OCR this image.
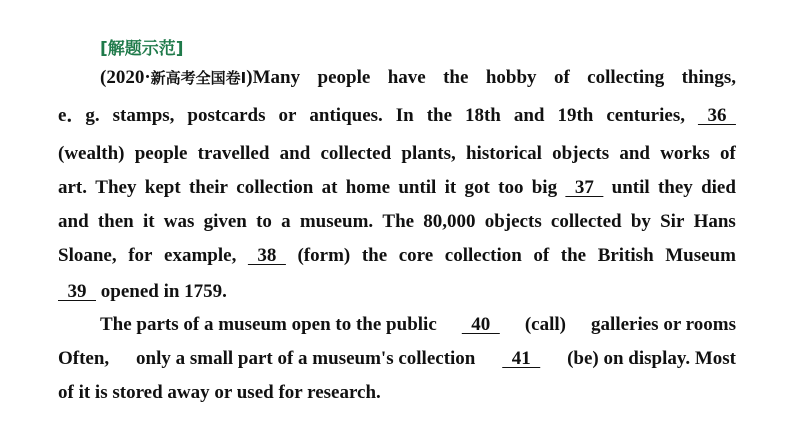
[解题示范]
(2020·新高考全国卷Ⅰ)Many people have the hobby of collecting things,
e．g. stamps, postcards or antiques. In the 18th and 19th centuries, 36
(wealth) people travelled and collected plants, historical objects and works of
art. They kept their collection at home until it got too big 37 until they died
and then it was given to a museum. The 80,000 objects collected by Sir Hans
Sloane, for example, 38 (form) the core collection of the British Museum
39   opened in 1759.
The parts of a museum open to the public 40 (call) galleries or rooms
Often, only a small part of a museum's collection 41 (be) on display. Most
of it is stored away or used for research.
